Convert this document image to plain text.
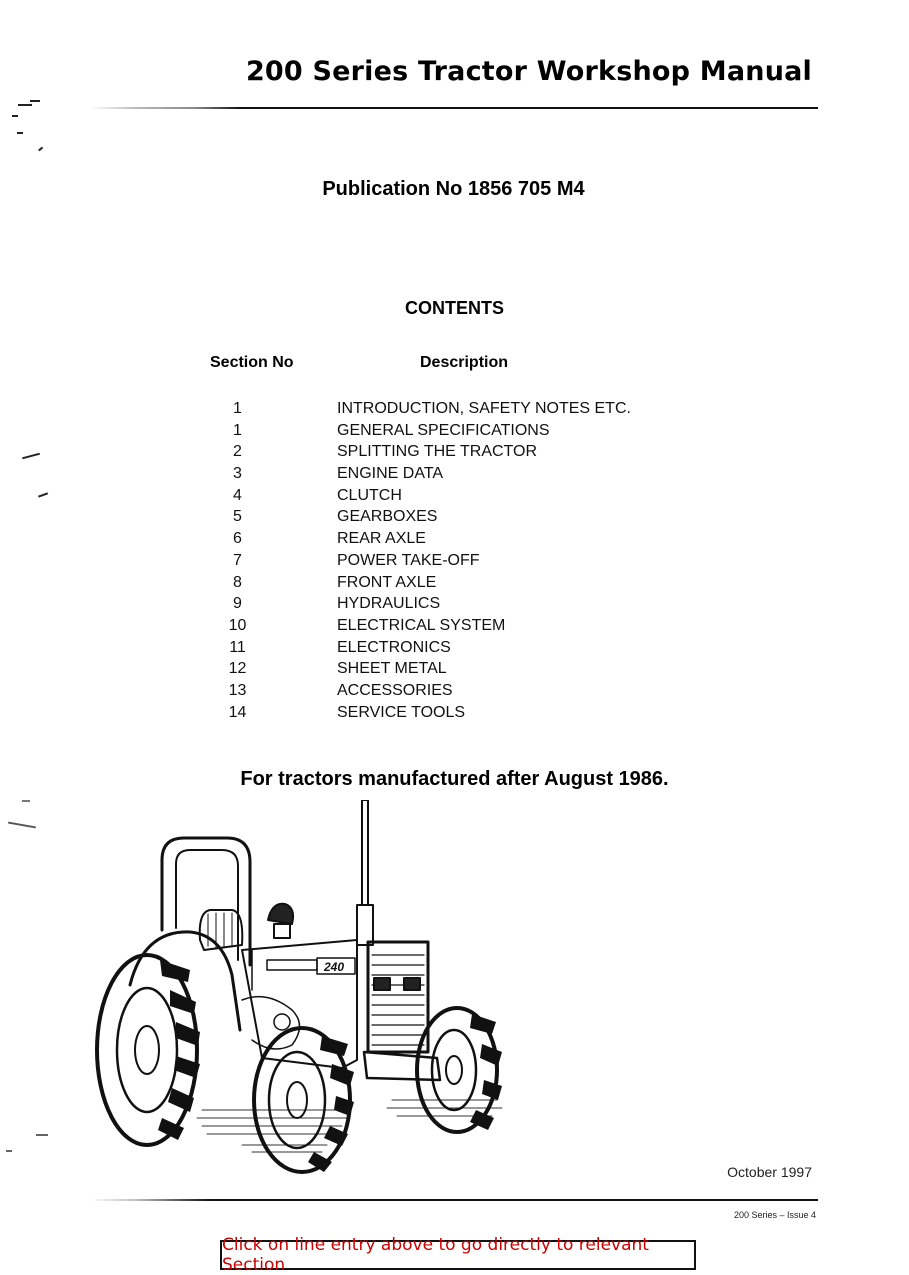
200 Series Tractor Workshop Manual
Publication No 1856 705 M4
CONTENTS
Section No	Description
1	INTRODUCTION, SAFETY NOTES ETC.
1	GENERAL SPECIFICATIONS
2	SPLITTING THE TRACTOR
3	ENGINE DATA
4	CLUTCH
5	GEARBOXES
6	REAR AXLE
7	POWER TAKE-OFF
8	FRONT AXLE
9	HYDRAULICS
10	ELECTRICAL SYSTEM
11	ELECTRONICS
12	SHEET METAL
13	ACCESSORIES
14	SERVICE TOOLS
For tractors manufactured after August 1986.
240
October 1997
200 Series – Issue 4
Click on line entry above to go directly to relevant Section
